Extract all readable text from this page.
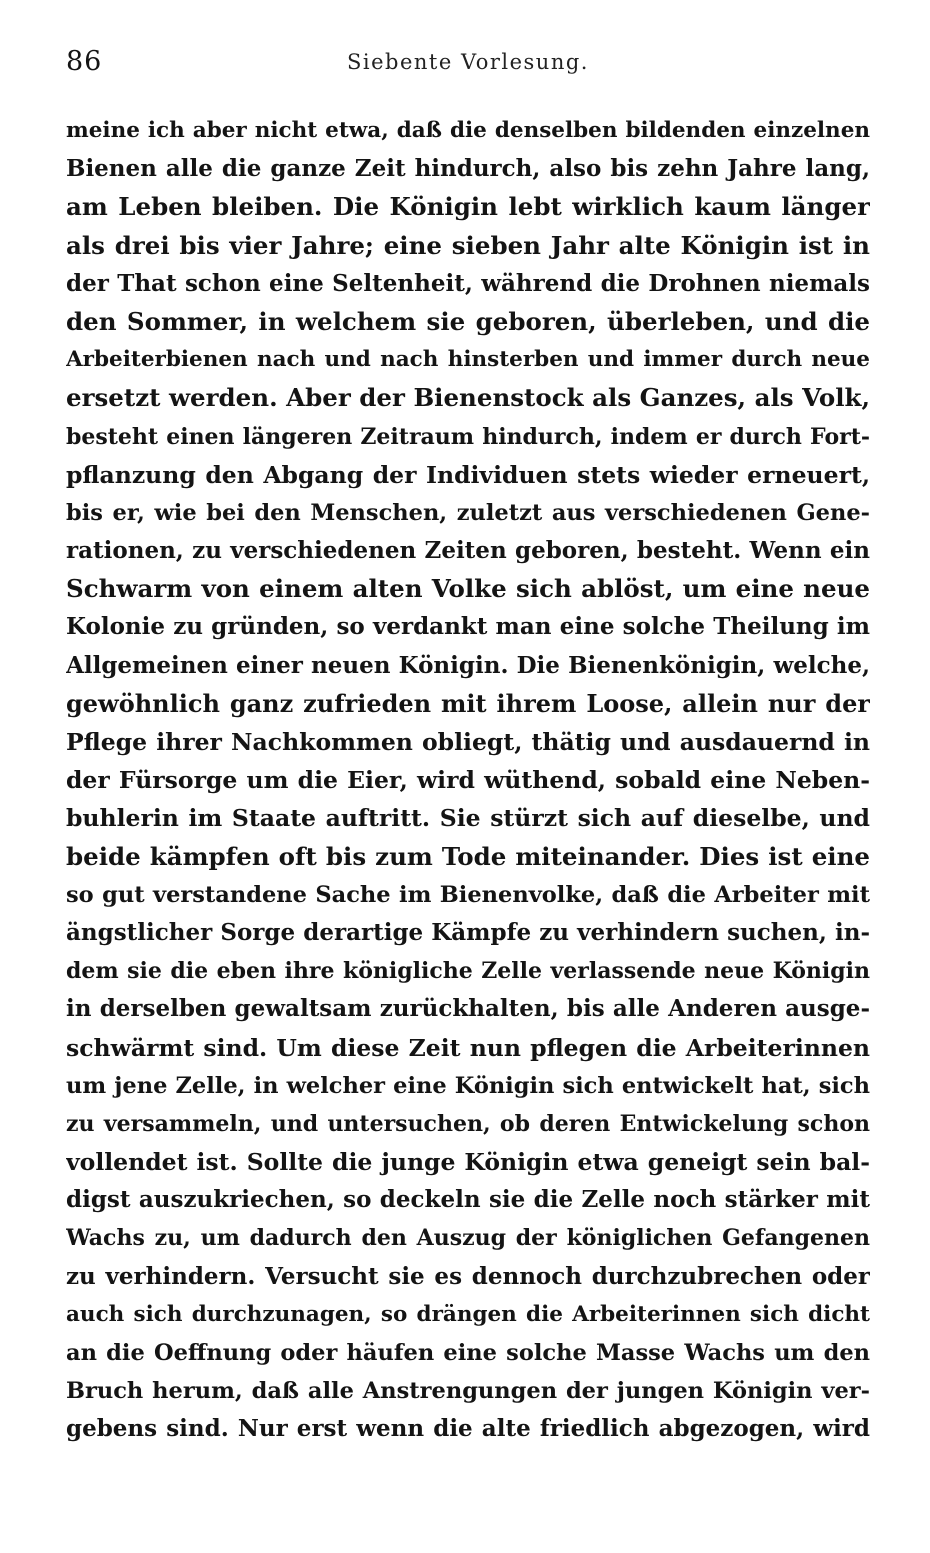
86	Siebente Vorlesung.
meine ich aber nicht etwa, daß die denselben bildenden einzelnen
Bienen alle die ganze Zeit hindurch, also bis zehn Jahre lang,
am Leben bleiben. Die Königin lebt wirklich kaum länger
als drei bis vier Jahre; eine sieben Jahr alte Königin ist in
der That schon eine Seltenheit, während die Drohnen niemals
den Sommer, in welchem sie geboren, überleben, und die
Arbeiterbienen nach und nach hinsterben und immer durch neue
ersetzt werden. Aber der Bienenstock als Ganzes, als Volk,
besteht einen längeren Zeitraum hindurch, indem er durch Fort-
pflanzung den Abgang der Individuen stets wieder erneuert,
bis er, wie bei den Menschen, zuletzt aus verschiedenen Gene-
rationen, zu verschiedenen Zeiten geboren, besteht. Wenn ein
Schwarm von einem alten Volke sich ablöst, um eine neue
Kolonie zu gründen, so verdankt man eine solche Theilung im
Allgemeinen einer neuen Königin. Die Bienenkönigin, welche,
gewöhnlich ganz zufrieden mit ihrem Loose, allein nur der
Pflege ihrer Nachkommen obliegt, thätig und ausdauernd in
der Fürsorge um die Eier, wird wüthend, sobald eine Neben-
buhlerin im Staate auftritt. Sie stürzt sich auf dieselbe, und
beide kämpfen oft bis zum Tode miteinander. Dies ist eine
so gut verstandene Sache im Bienenvolke, daß die Arbeiter mit
ängstlicher Sorge derartige Kämpfe zu verhindern suchen, in-
dem sie die eben ihre königliche Zelle verlassende neue Königin
in derselben gewaltsam zurückhalten, bis alle Anderen ausge-
schwärmt sind. Um diese Zeit nun pflegen die Arbeiterinnen
um jene Zelle, in welcher eine Königin sich entwickelt hat, sich
zu versammeln, und untersuchen, ob deren Entwickelung schon
vollendet ist. Sollte die junge Königin etwa geneigt sein bal-
digst auszukriechen, so deckeln sie die Zelle noch stärker mit
Wachs zu, um dadurch den Auszug der königlichen Gefangenen
zu verhindern. Versucht sie es dennoch durchzubrechen oder
auch sich durchzunagen, so drängen die Arbeiterinnen sich dicht
an die Oeffnung oder häufen eine solche Masse Wachs um den
Bruch herum, daß alle Anstrengungen der jungen Königin ver-
gebens sind. Nur erst wenn die alte friedlich abgezogen, wird
